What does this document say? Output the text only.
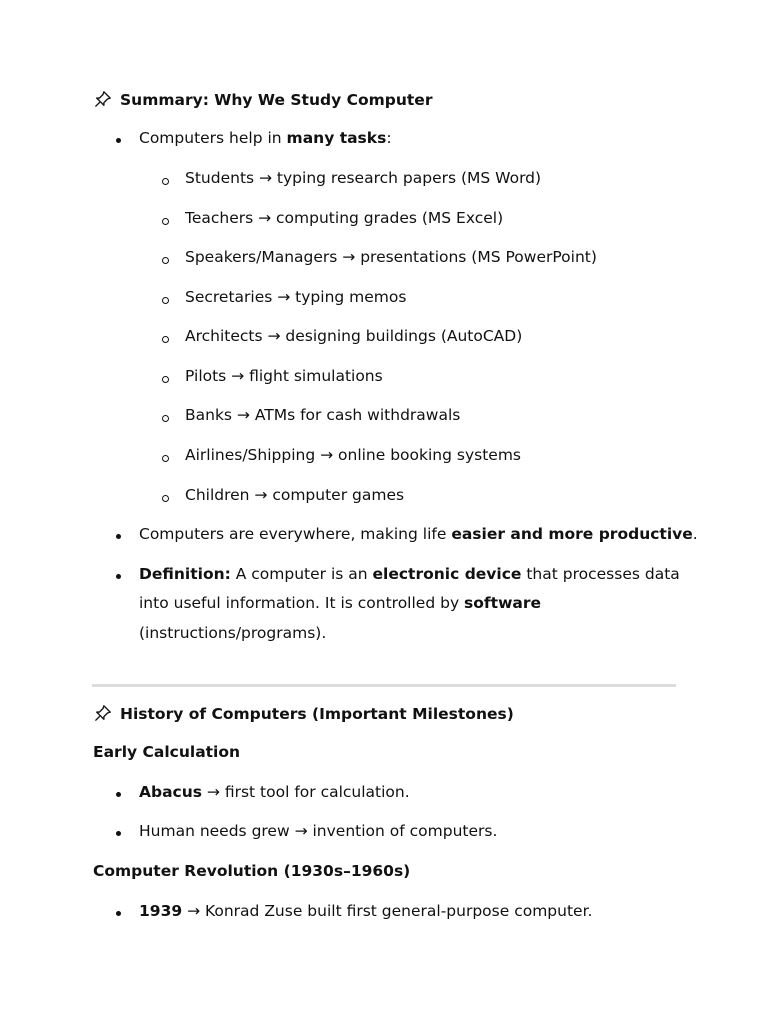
Summary: Why We Study Computer
Computers help in many tasks:
Students → typing research papers (MS Word)
Teachers → computing grades (MS Excel)
Speakers/Managers → presentations (MS PowerPoint)
Secretaries → typing memos
Architects → designing buildings (AutoCAD)
Pilots → flight simulations
Banks → ATMs for cash withdrawals
Airlines/Shipping → online booking systems
Children → computer games
Computers are everywhere, making life easier and more productive.
Definition: A computer is an electronic device that processes data
into useful information. It is controlled by software
(instructions/programs).
History of Computers (Important Milestones)
Early Calculation
Abacus → first tool for calculation.
Human needs grew → invention of computers.
Computer Revolution (1930s–1960s)
1939 → Konrad Zuse built first general-purpose computer.
